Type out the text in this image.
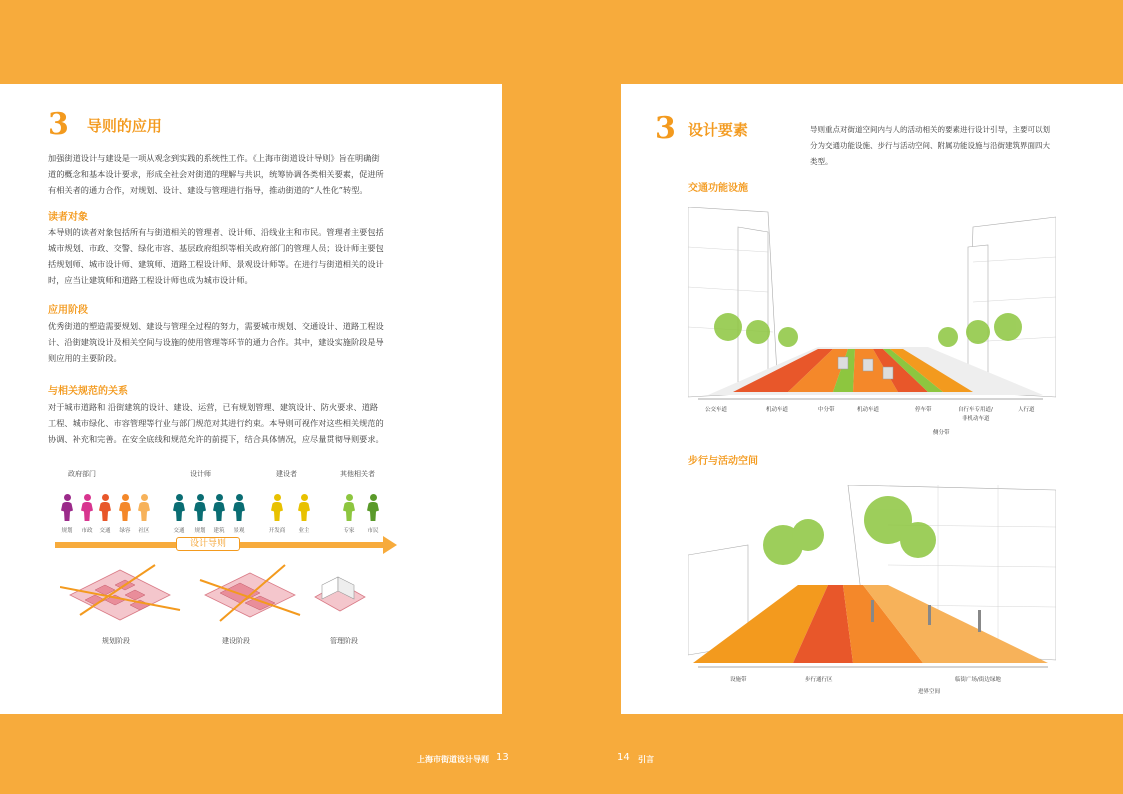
3 导则的应用
加强街道设计与建设是一项从观念到实践的系统性工作。《上海市街道设计导则》旨在明确街
道的概念和基本设计要求，形成全社会对街道的理解与共识，统筹协调各类相关要素，促进所
有相关者的通力合作，对规划、设计、建设与管理进行指导，推动街道的“人性化”转型。
读者对象
本导则的读者对象包括所有与街道相关的管理者、设计师、沿线业主和市民。管理者主要包括
城市规划、市政、交警、绿化市容、基层政府组织等相关政府部门的管理人员；设计师主要包
括规划师、城市设计师、建筑师、道路工程设计师、景观设计师等。在进行与街道相关的设计
时，应当让建筑师和道路工程设计师也成为城市设计师。
应用阶段
优秀街道的塑造需要规划、建设与管理全过程的努力，需要城市规划、交通设计、道路工程设
计、沿街建筑设计及相关空间与设施的使用管理等环节的通力合作。其中，建设实施阶段是导
则应用的主要阶段。
与相关规范的关系
对于城市道路和 沿街建筑的设计、建设、运营，已有规划管理、建筑设计、防火要求、道路
工程、城市绿化、市容管理等行业与部门规范对其进行约束。本导则可视作对这些相关规范的
协调、补充和完善。在安全底线和规范允许的前提下，结合具体情况，应尽量贯彻导则要求。
政府部门	设计师	建设者	其他相关者
规划	市政	交通	绿容	社区	交通	规划	建筑	景观	开发商	业主	专家	市民
设计导则
规划阶段	建设阶段	管理阶段
3 设计要素	导则重点对街道空间内与人的活动相关的要素进行设计引导，主要可以划
分为交通功能设施、步行与活动空间、附属功能设施与沿街建筑界面四大
类型。
交通功能设施
公交车道	机动车道	中分带	机动车道	停车带	自行车专用道/
非机动车道
人行道
侧分带
步行与活动空间
设施带	步行通行区	临街广场/街边绿地
进界空间
上海市街道设计导则 13	14 引言
